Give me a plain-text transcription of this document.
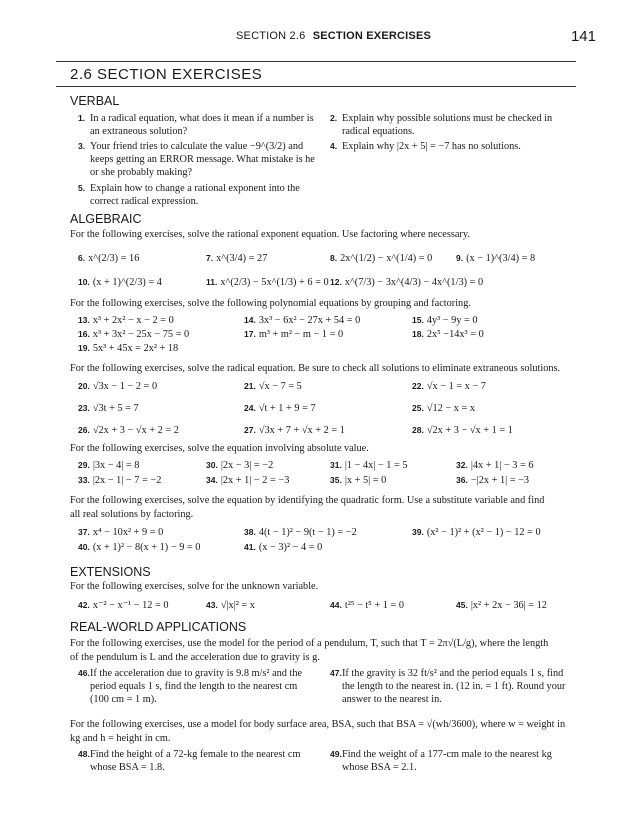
SECTION 2.6 SECTION EXERCISES	141
2.6 SECTION EXERCISES
VERBAL
1. In a radical equation, what does it mean if a number is an extraneous solution?
2. Explain why possible solutions must be checked in radical equations.
3. Your friend tries to calculate the value −9^(3/2) and keeps getting an ERROR message. What mistake is he or she probably making?
4. Explain why |2x + 5| = −7 has no solutions.
5. Explain how to change a rational exponent into the correct radical expression.
ALGEBRAIC
For the following exercises, solve the rational exponent equation. Use factoring where necessary.
6. x^(2/3) = 16	7. x^(3/4) = 27	8. 2x^(1/2) − x^(1/4) = 0	9. (x − 1)^(3/4) = 8
10. (x + 1)^(2/3) = 4	11. x^(2/3) − 5x^(1/3) + 6 = 0 12. x^(7/3) − 3x^(4/3) − 4x^(1/3) = 0
For the following exercises, solve the following polynomial equations by grouping and factoring.
13. x³ + 2x² − x − 2 = 0	14. 3x³ − 6x² − 27x + 54 = 0	15. 4y³ − 9y = 0
16. x³ + 3x² − 25x − 75 = 0	17. m³ + m² − m − 1 = 0	18. 2x⁵ −14x³ = 0
19. 5x³ + 45x = 2x² + 18
For the following exercises, solve the radical equation. Be sure to check all solutions to eliminate extraneous solutions.
20. √3x − 1 − 2 = 0	21. √x − 7 = 5	22. √x − 1 = x − 7
23. √3t + 5 = 7	24. √t + 1 + 9 = 7	25. √12 − x = x
26. √2x + 3 − √x + 2 = 2	27. √3x + 7 + √x + 2 = 1	28. √2x + 3 − √x + 1 = 1
For the following exercises, solve the equation involving absolute value.
29. |3x − 4| = 8	30. |2x − 3| = −2	31. |1 − 4x| − 1 = 5	32. |4x + 1| − 3 = 6
33. |2x − 1| − 7 = −2	34. |2x + 1| − 2 = −3	35. |x + 5| = 0	36. −|2x + 1| = −3
For the following exercises, solve the equation by identifying the quadratic form. Use a substitute variable and find
all real solutions by factoring.
37. x⁴ − 10x² + 9 = 0	38. 4(t − 1)² − 9(t − 1) = −2	39. (x² − 1)² + (x² − 1) − 12 = 0
40. (x + 1)² − 8(x + 1) − 9 = 0	41. (x − 3)² − 4 = 0
EXTENSIONS
For the following exercises, solve for the unknown variable.
42. x⁻² − x⁻¹ − 12 = 0	43. √|x|² = x	44. t²⁵ − t⁵ + 1 = 0	45. |x² + 2x − 36| = 12
REAL-WORLD APPLICATIONS
For the following exercises, use the model for the period of a pendulum, T, such that T = 2π√(L/g), where the length
of the pendulum is L and the acceleration due to gravity is g.
46. If the acceleration due to gravity is 9.8 m/s² and the period equals 1 s, find the length to the nearest cm (100 cm = 1 m).
47. If the gravity is 32 ft/s² and the period equals 1 s, find the length to the nearest in. (12 in. = 1 ft). Round your answer to the nearest in.
For the following exercises, use a model for body surface area, BSA, such that BSA = √(wh/3600), where w = weight in
kg and h = height in cm.
48. Find the height of a 72-kg female to the nearest cm whose BSA = 1.8.
49. Find the weight of a 177-cm male to the nearest kg whose BSA = 2.1.
